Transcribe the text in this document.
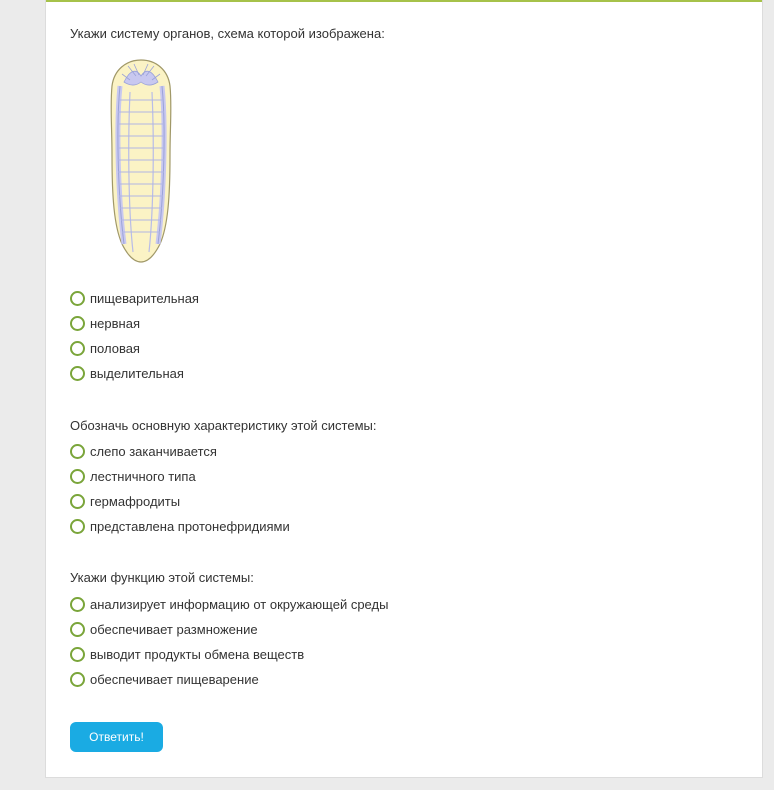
Укажи систему органов, схема которой изображена:
пищеварительная
нервная
половая
выделительная
Обозначь основную характеристику этой системы:
слепо заканчивается
лестничного типа
гермафродиты
представлена протонефридиями
Укажи функцию этой системы:
анализирует информацию от окружающей среды
обеспечивает размножение
выводит продукты обмена веществ
обеспечивает пищеварение
Ответить!
